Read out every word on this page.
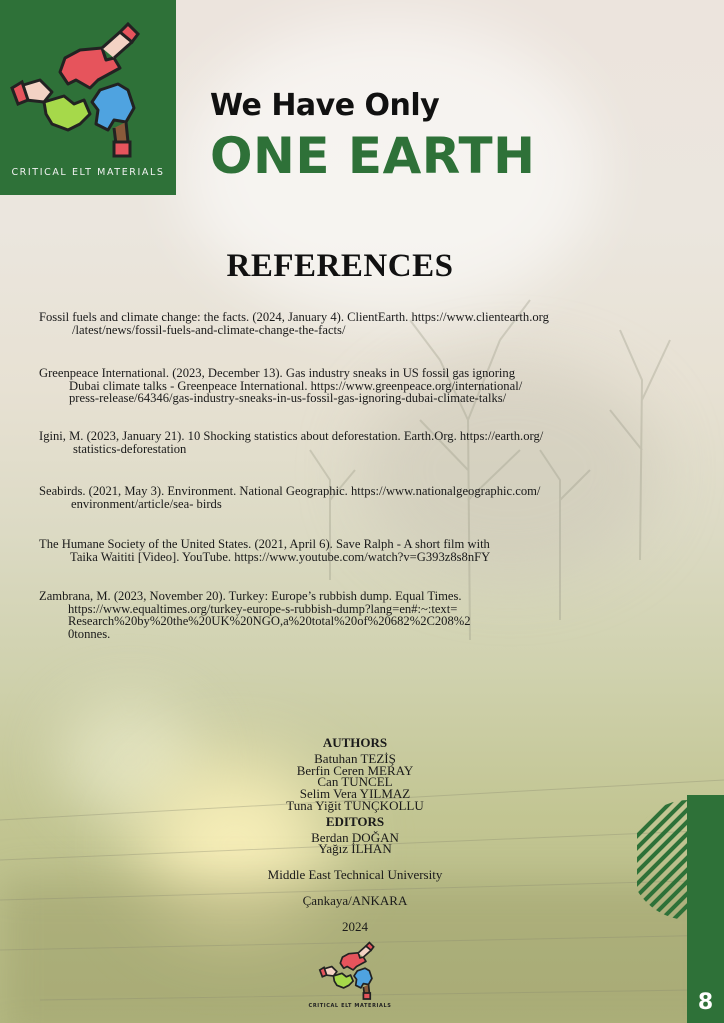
CRITICAL ELT MATERIALS
We Have Only
ONE EARTH
REFERENCES
Fossil fuels and climate change: the facts. (2024, January 4). ClientEarth. https://www.clientearth.org
/latest/news/fossil-fuels-and-climate-change-the-facts/
Greenpeace International. (2023, December 13). Gas industry sneaks in US fossil gas ignoring
Dubai climate talks - Greenpeace International. https://www.greenpeace.org/international/
press-release/64346/gas-industry-sneaks-in-us-fossil-gas-ignoring-dubai-climate-talks/
Igini, M. (2023, January 21). 10 Shocking statistics about deforestation. Earth.Org. https://earth.org/
statistics-deforestation
Seabirds. (2021, May 3). Environment. National Geographic. https://www.nationalgeographic.com/
environment/article/sea- birds
The Humane Society of the United States. (2021, April 6). Save Ralph - A short film with
Taika Waititi [Video]. YouTube. https://www.youtube.com/watch?v=G393z8s8nFY
Zambrana, M. (2023, November 20). Turkey: Europe’s rubbish dump. Equal Times.
https://www.equaltimes.org/turkey-europe-s-rubbish-dump?lang=en#:~:text=
Research%20by%20the%20UK%20NGO,a%20total%20of%20682%2C208%2
0tonnes.
AUTHORS
Batuhan TEZİŞ
Berfin Ceren MERAY
Can TUNCEL
Selim Vera YILMAZ
Tuna Yiğit TUNÇKOLLU
EDITORS
Berdan DOĞAN
Yağız İLHAN
Middle East Technical University
Çankaya/ANKARA
2024
CRITICAL ELT MATERIALS	8
